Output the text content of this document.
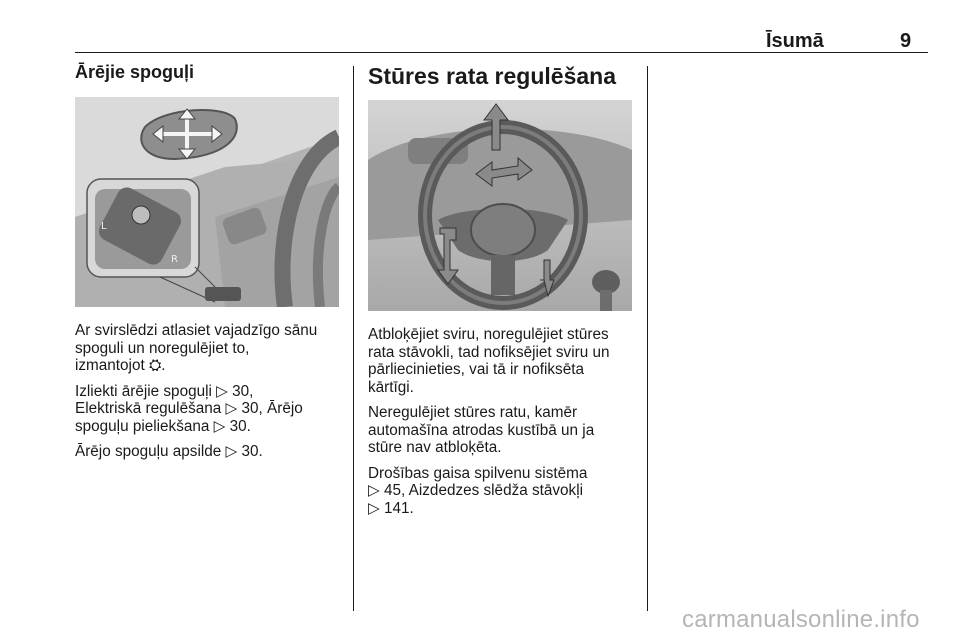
Īsumā	9
Ārējie spoguļi
L
R

Ar svirslēdzi atlasiet vajadzīgo sānu
spoguli un noregulējiet to,
izmantojot ⛭.

Izliekti ārējie spoguļi ▷ 30,
Elektriskā regulēšana ▷ 30, Ārējo
spoguļu pieliekšana ▷ 30.

Ārējo spoguļu apsilde ▷ 30.

Stūres rata regulēšana

Atbloķējiet sviru, noregulējiet stūres
rata stāvokli, tad nofiksējiet sviru un
pārliecinieties, vai tā ir nofiksēta
kārtīgi.

Neregulējiet stūres ratu, kamēr
automašīna atrodas kustībā un ja
stūre nav atbloķēta.

Drošības gaisa spilvenu sistēma
▷ 45, Aizdedzes slēdža stāvokļi
▷ 141.

carmanualsonline.info
